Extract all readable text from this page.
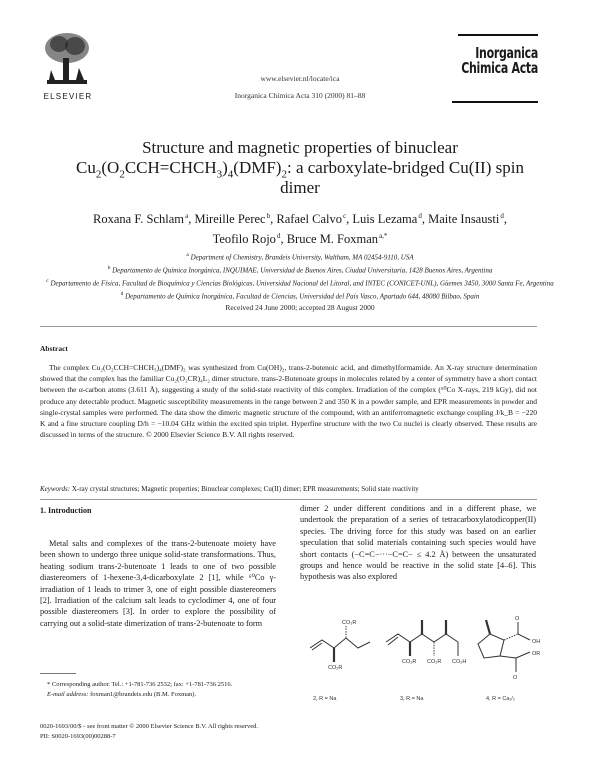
ELSEVIER
www.elsevier.nl/locate/ica
Inorganica Chimica Acta 310 (2000) 81–88
Inorganica
Chimica Acta
Structure and magnetic properties of binuclear
$Cu_2(O_2CCH=CHCH_3)_4(DMF)_2$: a carboxylate-bridged Cu(II) spin
dimer
Roxana F. Schlam $^a$, Mireille Perec $^b$, Rafael Calvo $^c$, Luis Lezama $^d$, Maite Insausti $^d$,
Teofilo Rojo $^d$, Bruce M. Foxman $^{a,*}$
$^a$ Department of Chemistry, Brandeis University, Waltham, MA 02454-9110, USA
$^b$ Departamento de Química Inorgánica, INQUIMAE, Universidad de Buenos Aires, Ciudad Universitaria, 1428 Buenos Aires, Argentina
$^c$ Departamento de Física, Facultad de Bioquímica y Ciencias Biológicas, Universidad Nacional del Litoral, and INTEC (CONICET-UNL), Güemes 3450, 3000 Santa Fe, Argentina
$^d$ Departamento de Química Inorgánica, Facultad de Ciencias, Universidad del País Vasco, Apartado 644, 48080 Bilbao, Spain
Received 24 June 2000; accepted 28 August 2000
Abstract
The complex Cu₂(O₂CCH=CHCH₃)₄(DMF)₂ was synthesized from Cu(OH)₂, trans-2-butenoic acid, and dimethylformamide. An X-ray structure determination showed that the complex has the familiar Cu₂(O₂CR)₄L₂ dimer structure. trans-2-Butenoate groups in molecules related by a center of symmetry have a short contact between the α-carbon atoms (3.611 Å), suggesting a study of the solid-state reactivity of this complex. Irradiation of the complex (⁶⁰Co X-rays, 219 kGy), did not produce any detectable product. Magnetic susceptibility measurements in the range between 2 and 350 K in a powder sample, and EPR measurements in powder and single-crystal samples were performed. The data show the dimeric magnetic structure of the compound, with an antiferromagnetic exchange coupling J/k_B = −220 K and a fine structure coupling D/h = −10.04 GHz within the excited spin triplet. Hyperfine structure with the two Cu nuclei is clearly observed. These results are discussed in terms of the structure. © 2000 Elsevier Science B.V. All rights reserved.
Keywords: X-ray crystal structures; Magnetic properties; Binuclear complexes; Cu(II) dimer; EPR measurements; Solid state reactivity
1. Introduction
Metal salts and complexes of the trans-2-butenoate moiety have been shown to undergo three unique solid-state transformations. Thus, heating sodium trans-2-butenoate 1 leads to one of two possible diastereomers of 1-hexene-3,4-dicarboxylate 2 [1], while ⁶⁰Co γ-irradiation of 1 leads to trimer 3, one of eight possible diastereomers [2]. Irradiation of the calcium salt leads to cyclodimer 4, one of four possible diastereomers [3]. In order to explore the possibility of carrying out a solid-state dimerization of trans-2-butenoate to form
dimer 2 under different conditions and in a different phase, we undertook the preparation of a series of tetracarboxylatodicopper(II) species. The driving force for this study was based on an earlier speculation that solid materials containing such species would have short contacts (−C=C−···−C=C− ≤ 4.2 Å) between the unsaturated groups and hence would be reactive in the solid state [4–6]. This hypothesis was also explored
CO₂R
CO₂R
CO₂R CO₂R CO₂H
OH
OR
O
O
2, R = Na	3, R = Na	4, R = Ca₁/₂
* Corresponding author. Tel.: +1-781-736 2532; fax: +1-781-736 2516.
E-mail address: foxman1@brandeis.edu (B.M. Foxman).
0020-1693/00/$ - see front matter © 2000 Elsevier Science B.V. All rights reserved.
PII: S0020-1693(00)00288-7
